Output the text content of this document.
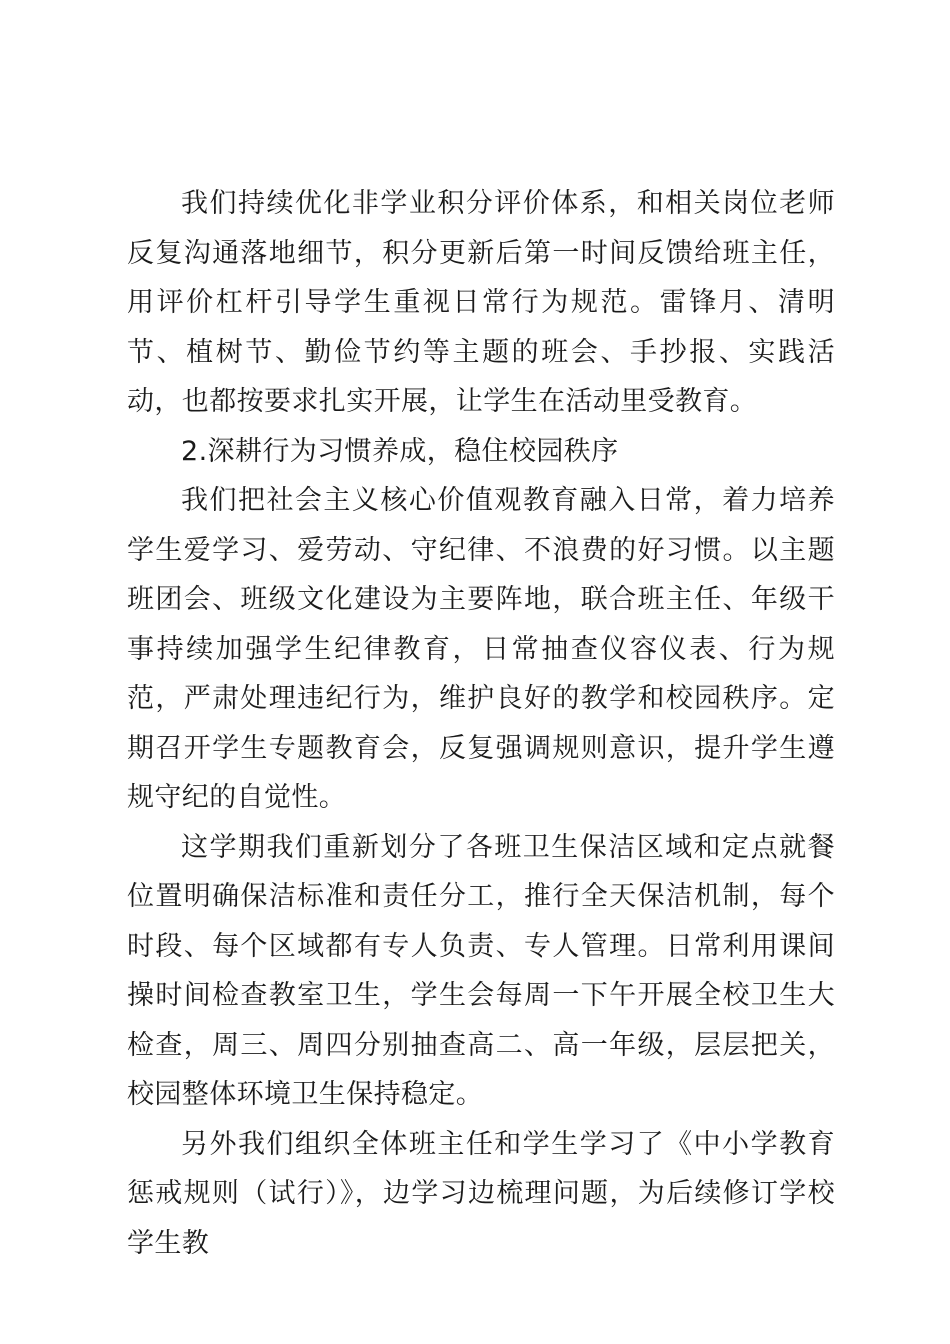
我们持续优化非学业积分评价体系，和相关岗位老师反复沟通落地细节，积分更新后第一时间反馈给班主任，用评价杠杆引导学生重视日常行为规范。雷锋月、清明节、植树节、勤俭节约等主题的班会、手抄报、实践活动，也都按要求扎实开展，让学生在活动里受教育。

2.深耕行为习惯养成，稳住校园秩序

我们把社会主义核心价值观教育融入日常，着力培养学生爱学习、爱劳动、守纪律、不浪费的好习惯。以主题班团会、班级文化建设为主要阵地，联合班主任、年级干事持续加强学生纪律教育，日常抽查仪容仪表、行为规范，严肃处理违纪行为，维护良好的教学和校园秩序。定期召开学生专题教育会，反复强调规则意识，提升学生遵规守纪的自觉性。

这学期我们重新划分了各班卫生保洁区域和定点就餐位置明确保洁标准和责任分工，推行全天保洁机制，每个时段、每个区域都有专人负责、专人管理。日常利用课间操时间检查教室卫生，学生会每周一下午开展全校卫生大检查，周三、周四分别抽查高二、高一年级，层层把关，校园整体环境卫生保持稳定。

另外我们组织全体班主任和学生学习了《中小学教育惩戒规则（试行）》，边学习边梳理问题，为后续修订学校学生教
